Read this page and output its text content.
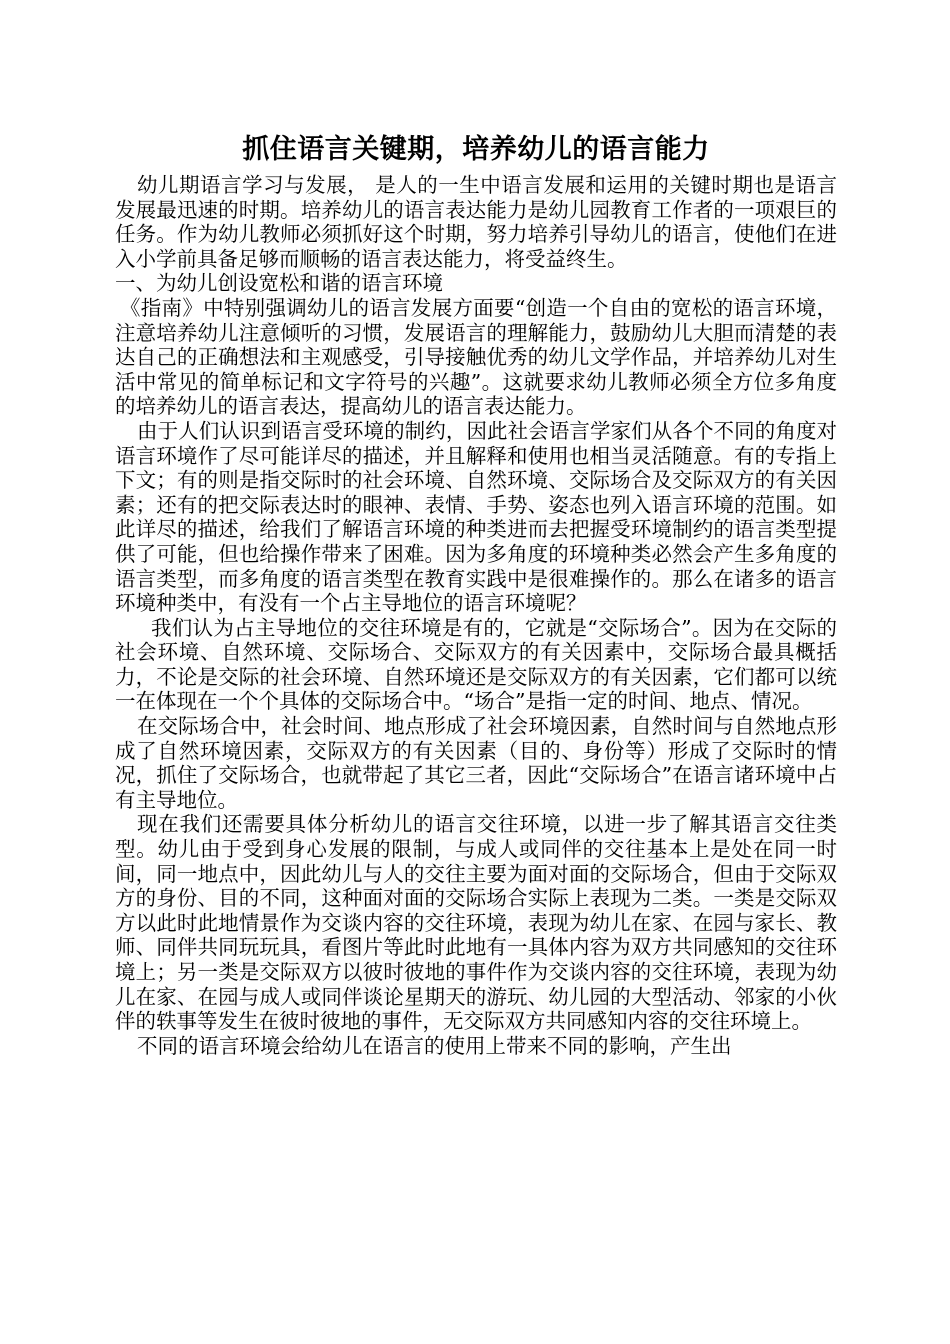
抓住语言关键期，培养幼儿的语言能力

幼儿期语言学习与发展， 是人的一生中语言发展和运用的关键时期也是语言发展最迅速的时期。培养幼儿的语言表达能力是幼儿园教育工作者的一项艰巨的任务。作为幼儿教师必须抓好这个时期，努力培养引导幼儿的语言，使他们在进入小学前具备足够而顺畅的语言表达能力，将受益终生。

一、为幼儿创设宽松和谐的语言环境

《指南》中特别强调幼儿的语言发展方面要“创造一个自由的宽松的语言环境，注意培养幼儿注意倾听的习惯，发展语言的理解能力，鼓励幼儿大胆而清楚的表达自己的正确想法和主观感受，引导接触优秀的幼儿文学作品，并培养幼儿对生活中常见的简单标记和文字符号的兴趣”。这就要求幼儿教师必须全方位多角度的培养幼儿的语言表达，提高幼儿的语言表达能力。

由于人们认识到语言受环境的制约，因此社会语言学家们从各个不同的角度对语言环境作了尽可能详尽的描述，并且解释和使用也相当灵活随意。有的专指上下文；有的则是指交际时的社会环境、自然环境、交际场合及交际双方的有关因素；还有的把交际表达时的眼神、表情、手势、姿态也列入语言环境的范围。如此详尽的描述，给我们了解语言环境的种类进而去把握受环境制约的语言类型提供了可能，但也给操作带来了困难。因为多角度的环境种类必然会产生多角度的语言类型，而多角度的语言类型在教育实践中是很难操作的。那么在诸多的语言环境种类中，有没有一个占主导地位的语言环境呢？

我们认为占主导地位的交往环境是有的，它就是“交际场合”。因为在交际的社会环境、自然环境、交际场合、交际双方的有关因素中，交际场合最具概括力，不论是交际的社会环境、自然环境还是交际双方的有关因素，它们都可以统一在体现在一个个具体的交际场合中。“场合”是指一定的时间、地点、情况。

在交际场合中，社会时间、地点形成了社会环境因素，自然时间与自然地点形成了自然环境因素，交际双方的有关因素（目的、身份等）形成了交际时的情况，抓住了交际场合，也就带起了其它三者，因此“交际场合”在语言诸环境中占有主导地位。

现在我们还需要具体分析幼儿的语言交往环境，以进一步了解其语言交往类型。幼儿由于受到身心发展的限制，与成人或同伴的交往基本上是处在同一时间，同一地点中，因此幼儿与人的交往主要为面对面的交际场合，但由于交际双方的身份、目的不同，这种面对面的交际场合实际上表现为二类。一类是交际双方以此时此地情景作为交谈内容的交往环境，表现为幼儿在家、在园与家长、教师、同伴共同玩玩具，看图片等此时此地有一具体内容为双方共同感知的交往环境上；另一类是交际双方以彼时彼地的事件作为交谈内容的交往环境，表现为幼儿在家、在园与成人或同伴谈论星期天的游玩、幼儿园的大型活动、邻家的小伙伴的轶事等发生在彼时彼地的事件，无交际双方共同感知内容的交往环境上。

不同的语言环境会给幼儿在语言的使用上带来不同的影响，产生出
